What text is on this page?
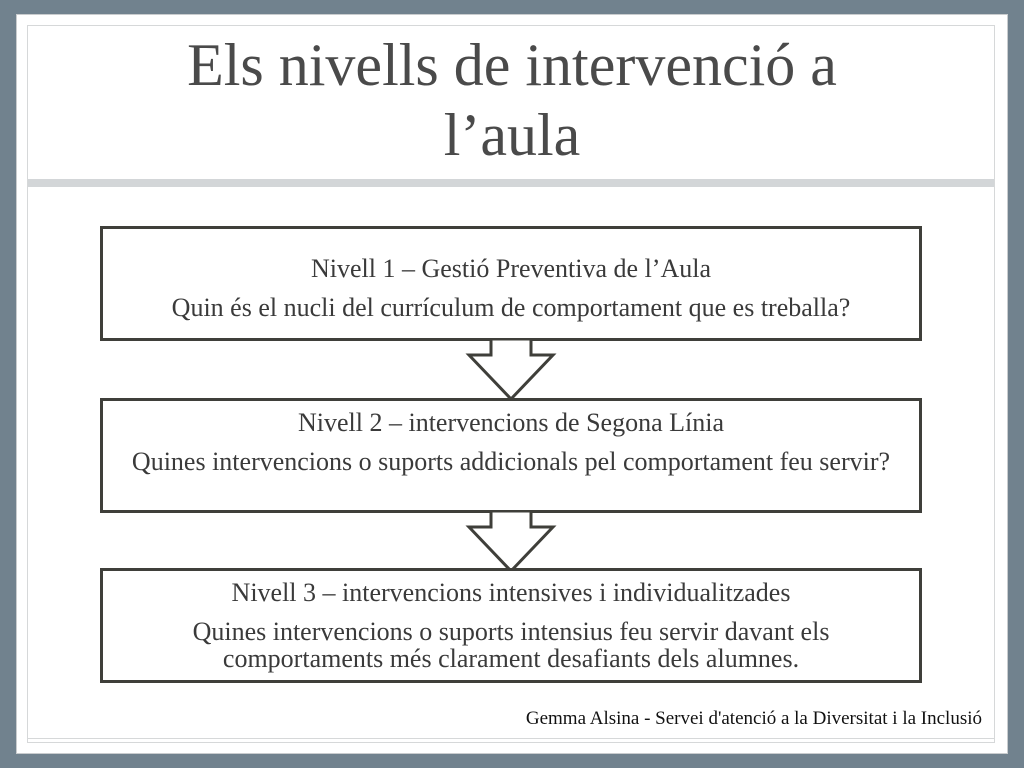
Els nivells de intervenció a
l’aula
Nivell 1 – Gestió Preventiva de l’Aula
Quin és el nucli del currículum de comportament que es treballa?
Nivell 2 – intervencions de Segona Línia
Quines intervencions o suports addicionals pel comportament feu servir?
Nivell 3 – intervencions intensives i individualitzades
Quines intervencions o suports intensius feu servir davant els comportaments més clarament desafiants dels alumnes.
Gemma Alsina - Servei d'atenció a la Diversitat i la Inclusió
